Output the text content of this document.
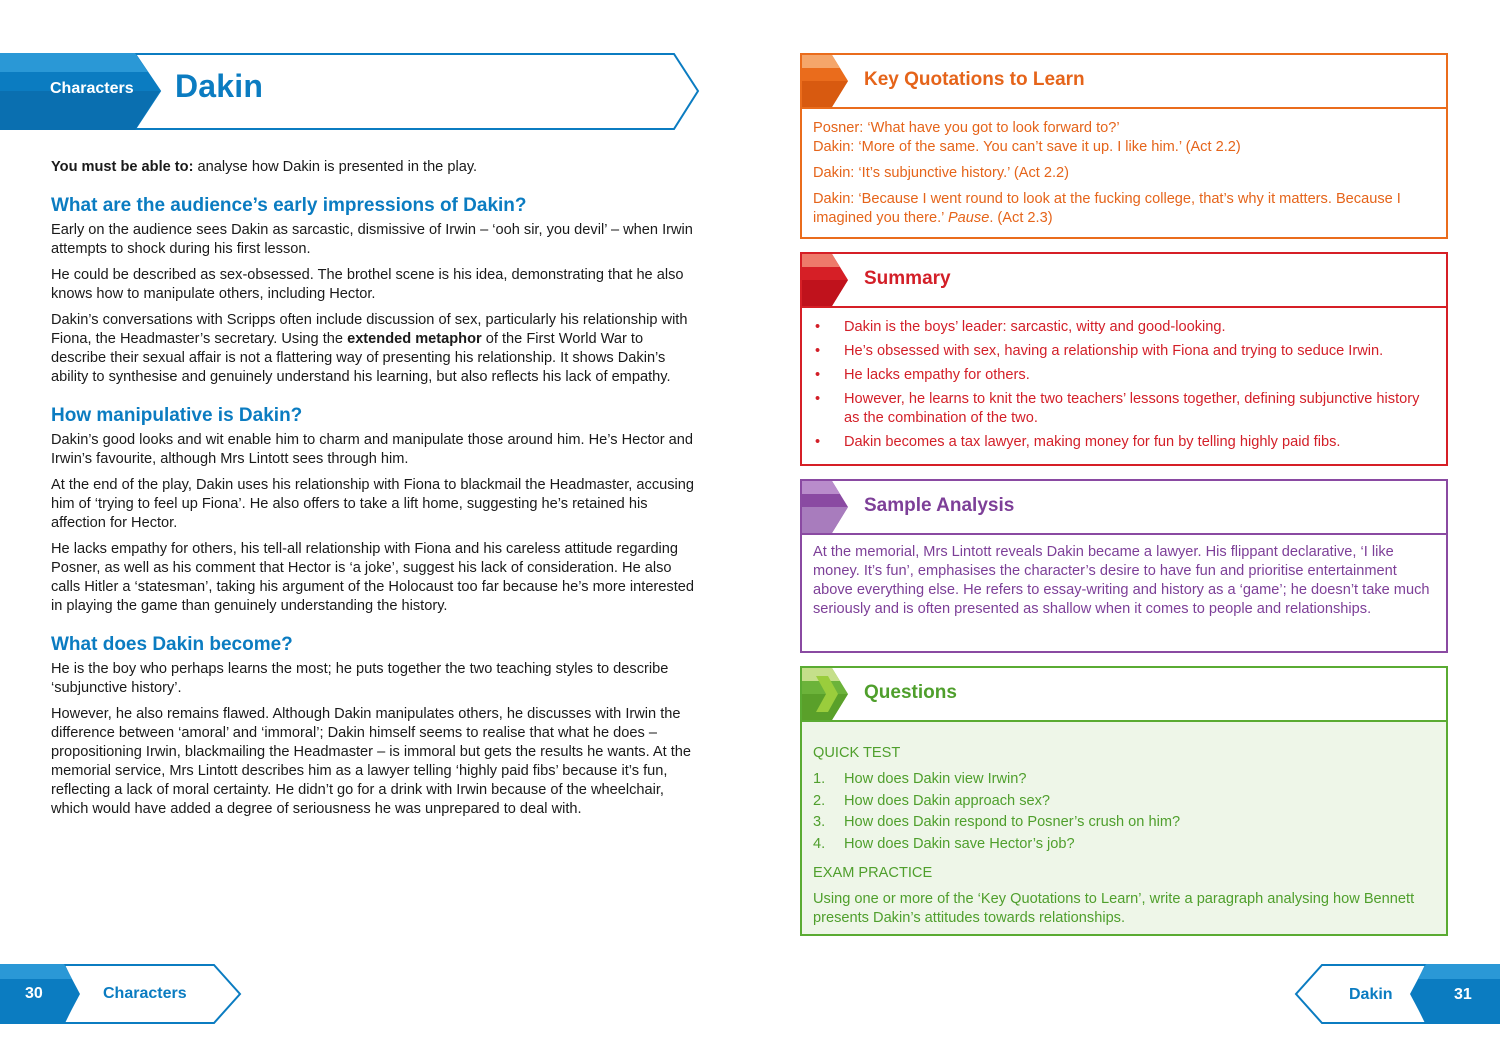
Characters Dakin

You must be able to: analyse how Dakin is presented in the play.

What are the audience’s early impressions of Dakin?

Early on the audience sees Dakin as sarcastic, dismissive of Irwin – ‘ooh sir, you devil’ – when Irwin attempts to shock during his first lesson.

He could be described as sex-obsessed. The brothel scene is his idea, demonstrating that he also knows how to manipulate others, including Hector.

Dakin’s conversations with Scripps often include discussion of sex, particularly his relationship with Fiona, the Headmaster’s secretary. Using the extended metaphor of the First World War to describe their sexual affair is not a flattering way of presenting his relationship. It shows Dakin’s ability to synthesise and genuinely understand his learning, but also reflects his lack of empathy.

How manipulative is Dakin?

Dakin’s good looks and wit enable him to charm and manipulate those around him. He’s Hector and Irwin’s favourite, although Mrs Lintott sees through him.

At the end of the play, Dakin uses his relationship with Fiona to blackmail the Headmaster, accusing him of ‘trying to feel up Fiona’. He also offers to take a lift home, suggesting he’s retained his affection for Hector.

He lacks empathy for others, his tell-all relationship with Fiona and his careless attitude regarding Posner, as well as his comment that Hector is ‘a joke’, suggest his lack of consideration. He also calls Hitler a ‘statesman’, taking his argument of the Holocaust too far because he’s more interested in playing the game than genuinely understanding the history.

What does Dakin become?

He is the boy who perhaps learns the most; he puts together the two teaching styles to describe ‘subjunctive history’.

However, he also remains flawed. Although Dakin manipulates others, he discusses with Irwin the difference between ‘amoral’ and ‘immoral’; Dakin himself seems to realise that what he does – propositioning Irwin, blackmailing the Headmaster – is immoral but gets the results he wants. At the memorial service, Mrs Lintott describes him as a lawyer telling ‘highly paid fibs’ because it’s fun, reflecting a lack of moral certainty. He didn’t go for a drink with Irwin because of the wheelchair, which would have added a degree of seriousness he was unprepared to deal with.

Key Quotations to Learn

Posner: ‘What have you got to look forward to?’
Dakin: ‘More of the same. You can’t save it up. I like him.’ (Act 2.2)

Dakin: ‘It’s subjunctive history.’ (Act 2.2)

Dakin: ‘Because I went round to look at the fucking college, that’s why it matters. Because I imagined you there.’ Pause. (Act 2.3)

Summary
• Dakin is the boys’ leader: sarcastic, witty and good-looking.
• He’s obsessed with sex, having a relationship with Fiona and trying to seduce Irwin.
• He lacks empathy for others.
• However, he learns to knit the two teachers’ lessons together, defining subjunctive history as the combination of the two.
• Dakin becomes a tax lawyer, making money for fun by telling highly paid fibs.
Sample Analysis

At the memorial, Mrs Lintott reveals Dakin became a lawyer. His flippant declarative, ‘I like money. It’s fun’, emphasises the character’s desire to have fun and prioritise entertainment above everything else. He refers to essay-writing and history as a ‘game’; he doesn’t take much seriously and is often presented as shallow when it comes to people and relationships.

Questions

QUICK TEST

1. How does Dakin view Irwin?
2. How does Dakin approach sex?
3. How does Dakin respond to Posner’s crush on him?
4. How does Dakin save Hector’s job?

EXAM PRACTICE

Using one or more of the ‘Key Quotations to Learn’, write a paragraph analysing how Bennett presents Dakin’s attitudes towards relationships.

30	Characters	Dakin	31
